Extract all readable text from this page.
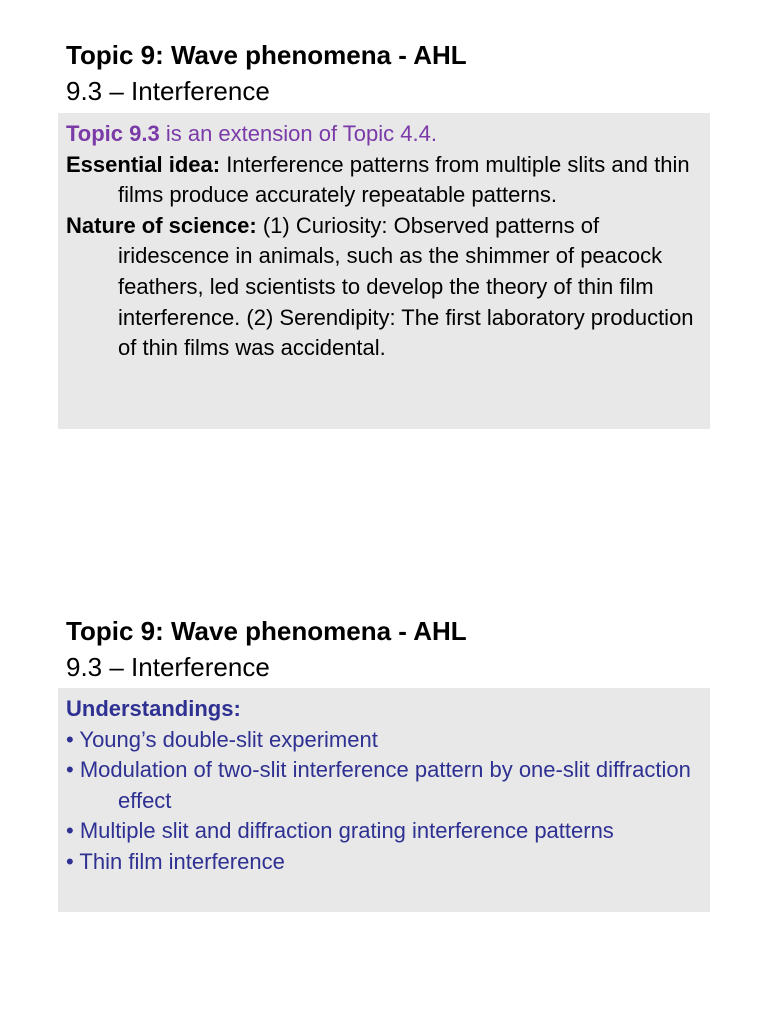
Topic 9: Wave phenomena - AHL
9.3 – Interference

Topic 9.3 is an extension of Topic 4.4.

Essential idea: Interference patterns from multiple slits and thin films produce accurately repeatable patterns.

Nature of science: (1) Curiosity: Observed patterns of iridescence in animals, such as the shimmer of peacock feathers, led scientists to develop the theory of thin film interference. (2) Serendipity: The first laboratory production of thin films was accidental.

Topic 9: Wave phenomena - AHL
9.3 – Interference

Understandings:

• Young’s double-slit experiment

• Modulation of two-slit interference pattern by one-slit diffraction effect

• Multiple slit and diffraction grating interference patterns

• Thin film interference
